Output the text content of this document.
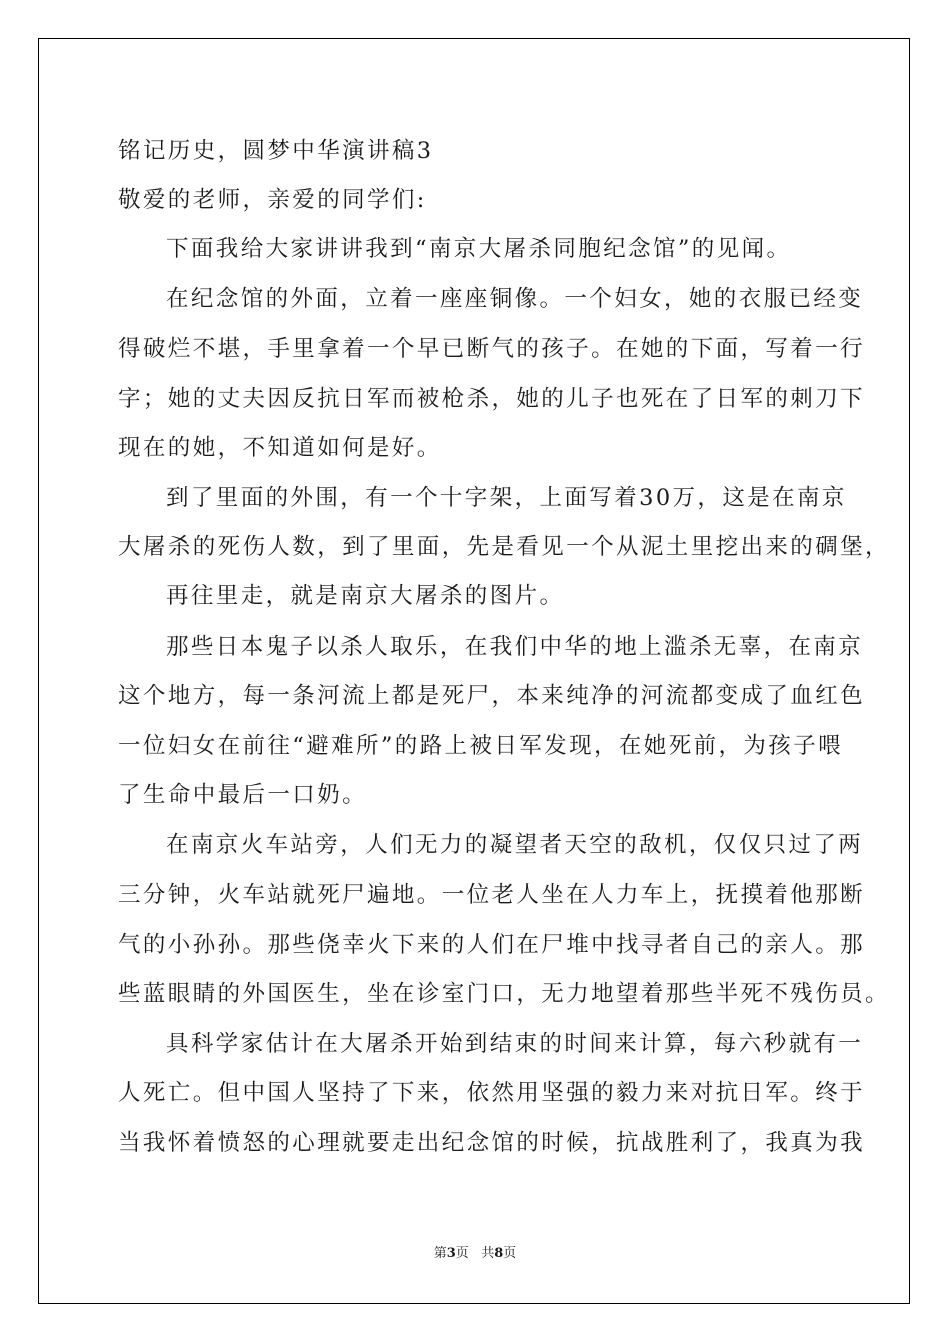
铭记历史，圆梦中华演讲稿3
敬爱的老师，亲爱的同学们:
下面我给大家讲讲我到“南京大屠杀同胞纪念馆”的见闻。
在纪念馆的外面，立着一座座铜像。一个妇女，她的衣服已经变
得破烂不堪，手里拿着一个早已断气的孩子。在她的下面，写着一行
字；她的丈夫因反抗日军而被枪杀，她的儿子也死在了日军的刺刀下
现在的她，不知道如何是好。
到了里面的外围，有一个十字架，上面写着30万，这是在南京
大屠杀的死伤人数，到了里面，先是看见一个从泥土里挖出来的碉堡，
再往里走，就是南京大屠杀的图片。
那些日本鬼子以杀人取乐，在我们中华的地上滥杀无辜，在南京
这个地方，每一条河流上都是死尸，本来纯净的河流都变成了血红色
一位妇女在前往“避难所”的路上被日军发现，在她死前，为孩子喂
了生命中最后一口奶。
在南京火车站旁，人们无力的凝望者天空的敌机，仅仅只过了两
三分钟，火车站就死尸遍地。一位老人坐在人力车上，抚摸着他那断
气的小孙孙。那些侥幸火下来的人们在尸堆中找寻者自己的亲人。那
些蓝眼睛的外国医生，坐在诊室门口，无力地望着那些半死不残伤员。
具科学家估计在大屠杀开始到结束的时间来计算，每六秒就有一
人死亡。但中国人坚持了下来，依然用坚强的毅力来对抗日军。终于
当我怀着愤怒的心理就要走出纪念馆的时候，抗战胜利了，我真为我
第3页 共8页
